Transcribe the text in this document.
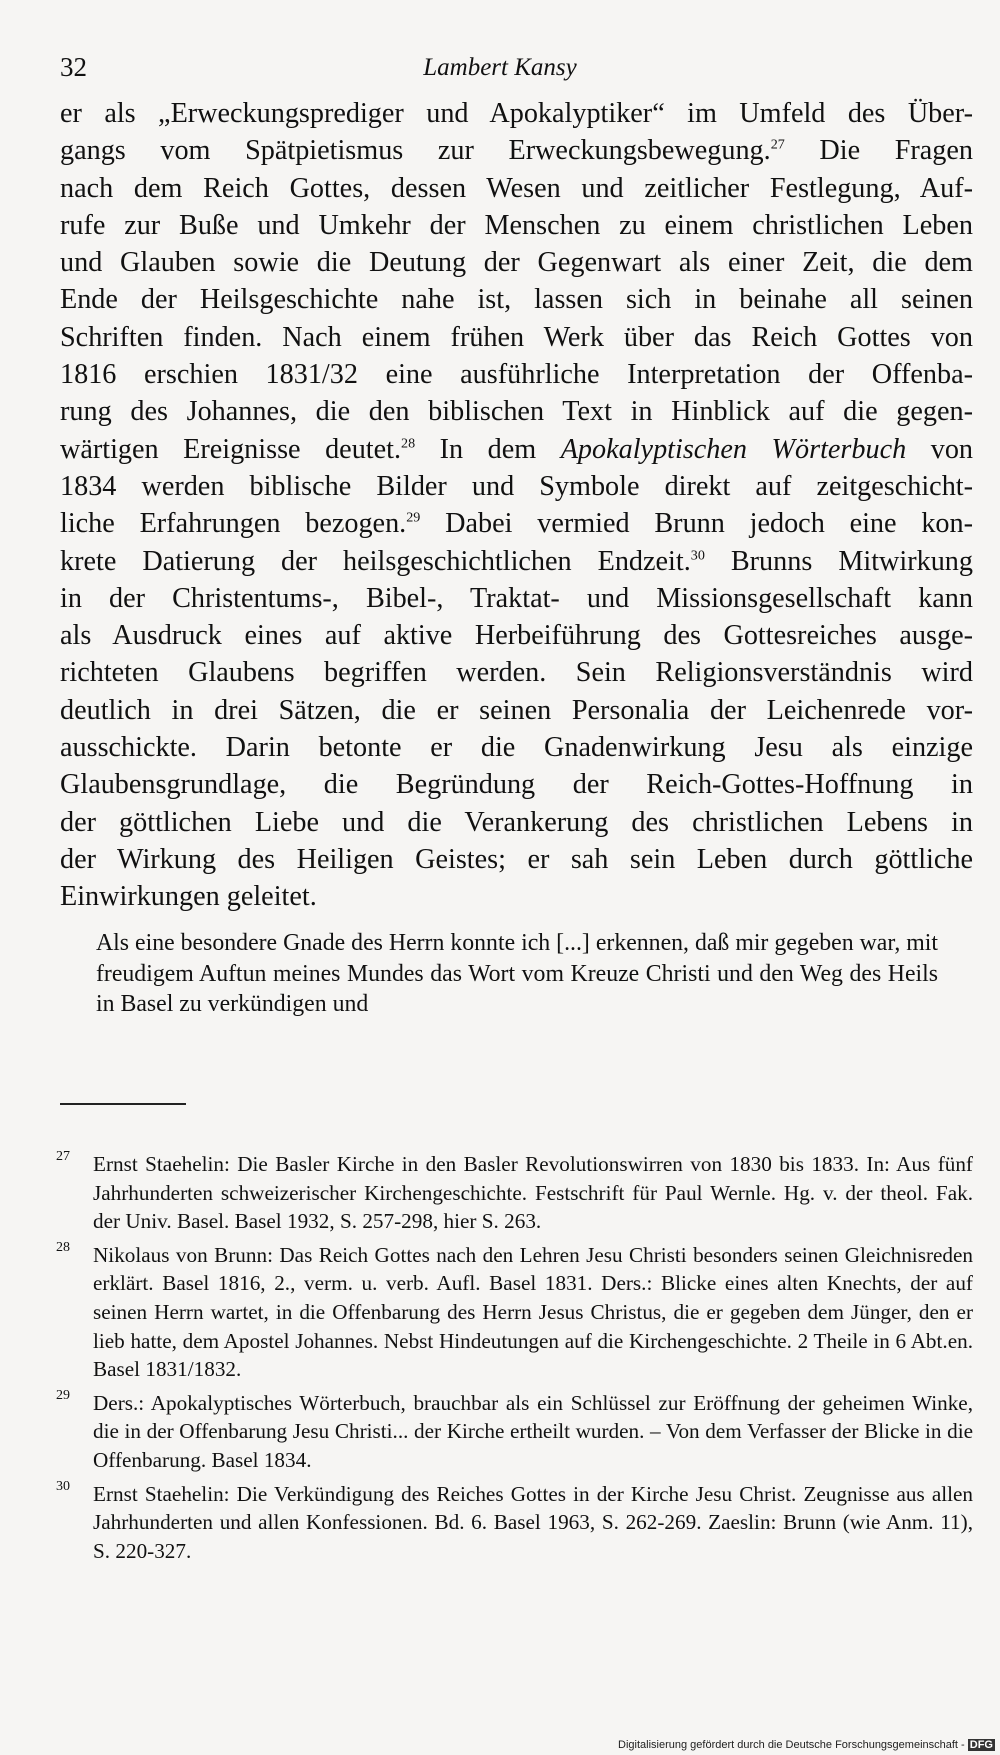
32	Lambert Kansy
er als „Erweckungsprediger und Apokalyptiker“ im Umfeld des Über-
gangs vom Spätpietismus zur Erweckungsbewegung.$^{27}$ Die Fragen
nach dem Reich Gottes, dessen Wesen und zeitlicher Festlegung, Auf-
rufe zur Buße und Umkehr der Menschen zu einem christlichen Leben
und Glauben sowie die Deutung der Gegenwart als einer Zeit, die dem
Ende der Heilsgeschichte nahe ist, lassen sich in beinahe all seinen
Schriften finden. Nach einem frühen Werk über das Reich Gottes von
1816 erschien 1831/32 eine ausführliche Interpretation der Offenba-
rung des Johannes, die den biblischen Text in Hinblick auf die gegen-
wärtigen Ereignisse deutet.$^{28}$ In dem Apokalyptischen Wörterbuch von
1834 werden biblische Bilder und Symbole direkt auf zeitgeschicht-
liche Erfahrungen bezogen.$^{29}$ Dabei vermied Brunn jedoch eine kon-
krete Datierung der heilsgeschichtlichen Endzeit.$^{30}$ Brunns Mitwirkung
in der Christentums-, Bibel-, Traktat- und Missionsgesellschaft kann
als Ausdruck eines auf aktive Herbeiführung des Gottesreiches ausge-
richteten Glaubens begriffen werden. Sein Religionsverständnis wird
deutlich in drei Sätzen, die er seinen Personalia der Leichenrede vor-
ausschickte. Darin betonte er die Gnadenwirkung Jesu als einzige
Glaubensgrundlage, die Begründung der Reich-Gottes-Hoffnung in
der göttlichen Liebe und die Verankerung des christlichen Lebens in
der Wirkung des Heiligen Geistes; er sah sein Leben durch göttliche
Einwirkungen geleitet.
Als eine besondere Gnade des Herrn konnte ich [...] erkennen, daß mir gegeben war, mit freudigem Auftun meines Mundes das Wort vom Kreuze Christi und den Weg des Heils in Basel zu verkündigen und
27 Ernst Staehelin: Die Basler Kirche in den Basler Revolutionswirren von 1830 bis 1833. In: Aus fünf Jahrhunderten schweizerischer Kirchengeschichte. Festschrift für Paul Wernle. Hg. v. der theol. Fak. der Univ. Basel. Basel 1932, S. 257-298, hier S. 263.
28 Nikolaus von Brunn: Das Reich Gottes nach den Lehren Jesu Christi besonders seinen Gleichnisreden erklärt. Basel 1816, 2., verm. u. verb. Aufl. Basel 1831. Ders.: Blicke eines alten Knechts, der auf seinen Herrn wartet, in die Offenbarung des Herrn Jesus Christus, die er gegeben dem Jünger, den er lieb hatte, dem Apostel Johannes. Nebst Hindeutungen auf die Kirchengeschichte. 2 Theile in 6 Abt.en. Basel 1831/1832.
29 Ders.: Apokalyptisches Wörterbuch, brauchbar als ein Schlüssel zur Eröffnung der geheimen Winke, die in der Offenbarung Jesu Christi... der Kirche ertheilt wurden. – Von dem Verfasser der Blicke in die Offenbarung. Basel 1834.
30 Ernst Staehelin: Die Verkündigung des Reiches Gottes in der Kirche Jesu Christ. Zeugnisse aus allen Jahrhunderten und allen Konfessionen. Bd. 6. Basel 1963, S. 262-269. Zaeslin: Brunn (wie Anm. 11), S. 220-327.
Digitalisierung gefördert durch die Deutsche Forschungsgemeinschaft - DFG
